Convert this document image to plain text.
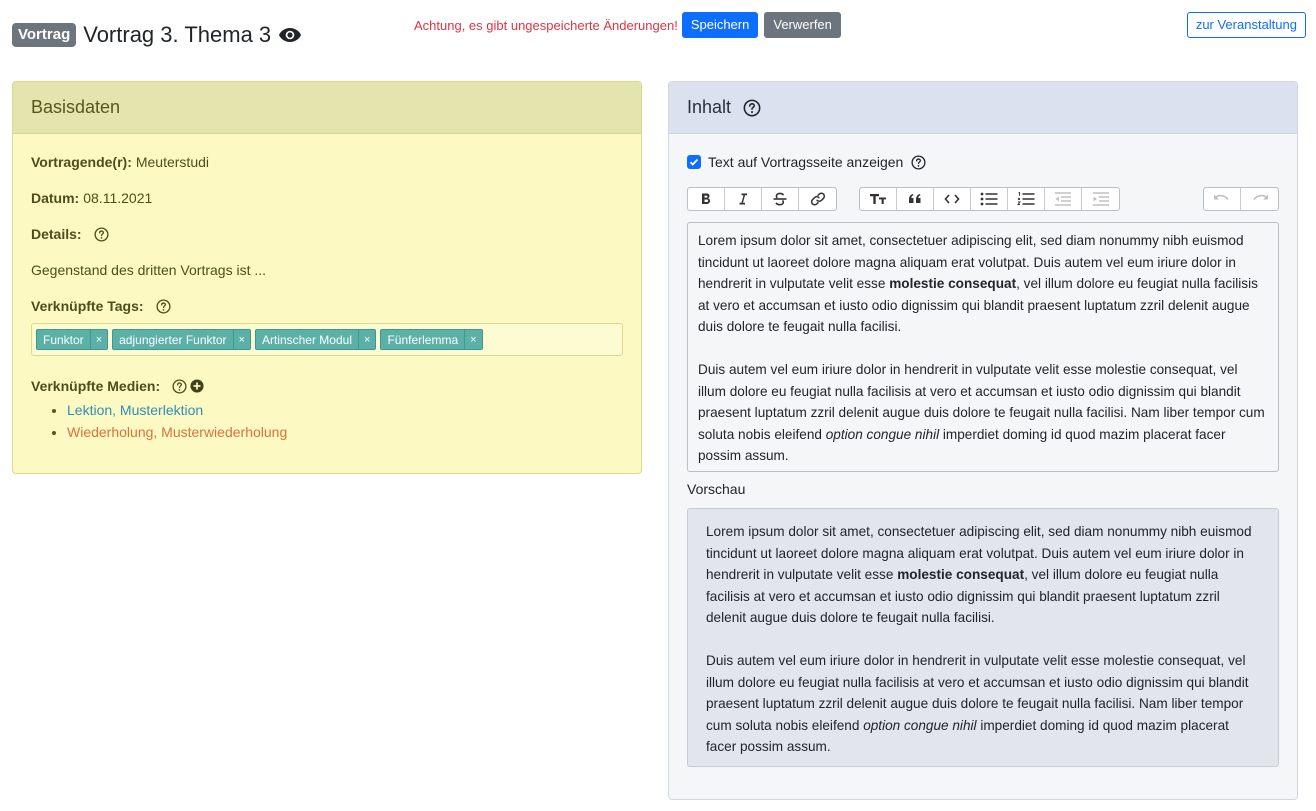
Vortrag Vortrag 3. Thema 3	Achtung, es gibt ungespeicherte Änderungen!	Speichern	Verwerfen	zur Veranstaltung
Basisdaten
Vortragende(r): Meuterstudi
Datum: 08.11.2021
Details:
Gegenstand des dritten Vortrags ist ...
Verknüpfte Tags:
Funktor	×	adjungierter Funktor	×	Artinscher Modul	×	Fünferlemma	×
Verknüpfte Medien:
• Lektion, Musterlektion
• Wiederholung, Musterwiederholung
Inhalt
Text auf Vortragsseite anzeigen

Lorem ipsum dolor sit amet, consectetuer adipiscing elit, sed diam nonummy nibh euismod tincidunt ut laoreet dolore magna aliquam erat volutpat. Duis autem vel eum iriure dolor in hendrerit in vulputate velit esse molestie consequat, vel illum dolore eu feugiat nulla facilisis at vero et accumsan et iusto odio dignissim qui blandit praesent luptatum zzril delenit augue duis dolore te feugait nulla facilisi.

Duis autem vel eum iriure dolor in hendrerit in vulputate velit esse molestie consequat, vel illum dolore eu feugiat nulla facilisis at vero et accumsan et iusto odio dignissim qui blandit praesent luptatum zzril delenit augue duis dolore te feugait nulla facilisi. Nam liber tempor cum soluta nobis eleifend option congue nihil imperdiet doming id quod mazim placerat facer possim assum.

Vorschau

Lorem ipsum dolor sit amet, consectetuer adipiscing elit, sed diam nonummy nibh euismod tincidunt ut laoreet dolore magna aliquam erat volutpat. Duis autem vel eum iriure dolor in hendrerit in vulputate velit esse molestie consequat, vel illum dolore eu feugiat nulla facilisis at vero et accumsan et iusto odio dignissim qui blandit praesent luptatum zzril delenit augue duis dolore te feugait nulla facilisi.

Duis autem vel eum iriure dolor in hendrerit in vulputate velit esse molestie consequat, vel illum dolore eu feugiat nulla facilisis at vero et accumsan et iusto odio dignissim qui blandit praesent luptatum zzril delenit augue duis dolore te feugait nulla facilisi. Nam liber tempor cum soluta nobis eleifend option congue nihil imperdiet doming id quod mazim placerat facer possim assum.
